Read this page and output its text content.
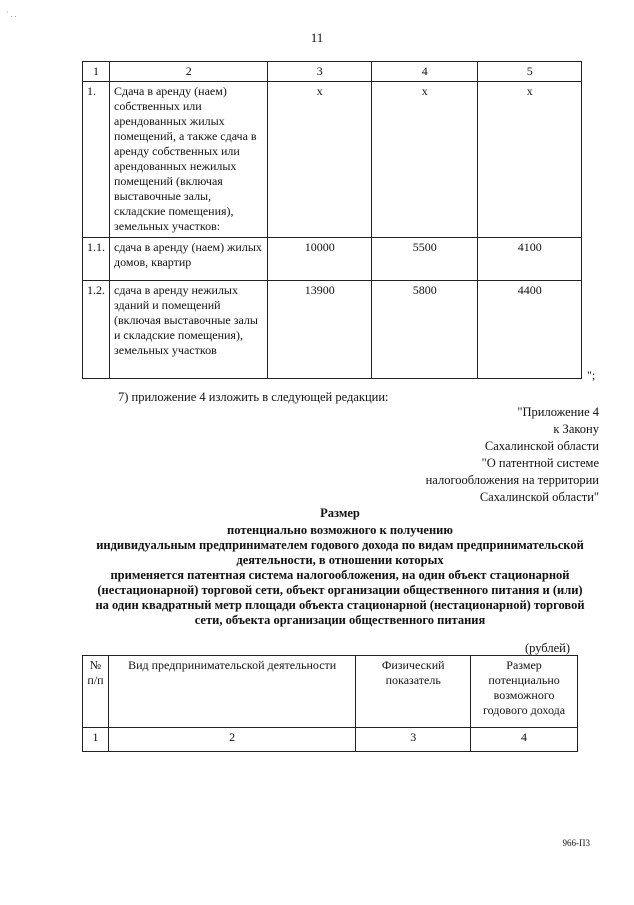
` . .
11
1	2	3	4	5
1.	Сдача в аренду (наем) собственных или арендованных жилых помещений, а также сдача в аренду собственных или арендованных нежилых помещений (включая выставочные залы, складские помещения), земельных участков:	х	х	х
1.1.	сдача в аренду (наем) жилых домов, квартир	10000	5500	4100
1.2.	сдача в аренду нежилых зданий и помещений (включая выставочные залы и складские помещения), земельных участков	13900	5800	4400
";
7) приложение 4 изложить в следующей редакции:
"Приложение 4
к Закону
Сахалинской области
"О патентной системе
налогообложения на территории
Сахалинской области"
Размер
потенциально возможного к получению
индивидуальным предпринимателем годового дохода по видам предпринимательской
деятельности, в отношении которых
применяется патентная система налогообложения, на один объект стационарной
(нестационарной) торговой сети, объект организации общественного питания и (или)
на один квадратный метр площади объекта стационарной (нестационарной) торговой
сети, объекта организации общественного питания
(рублей)
№ п/п	Вид предпринимательской деятельности	Физический показатель	Размер потенциально возможного годового дохода
1	2	3	4
966-П3
